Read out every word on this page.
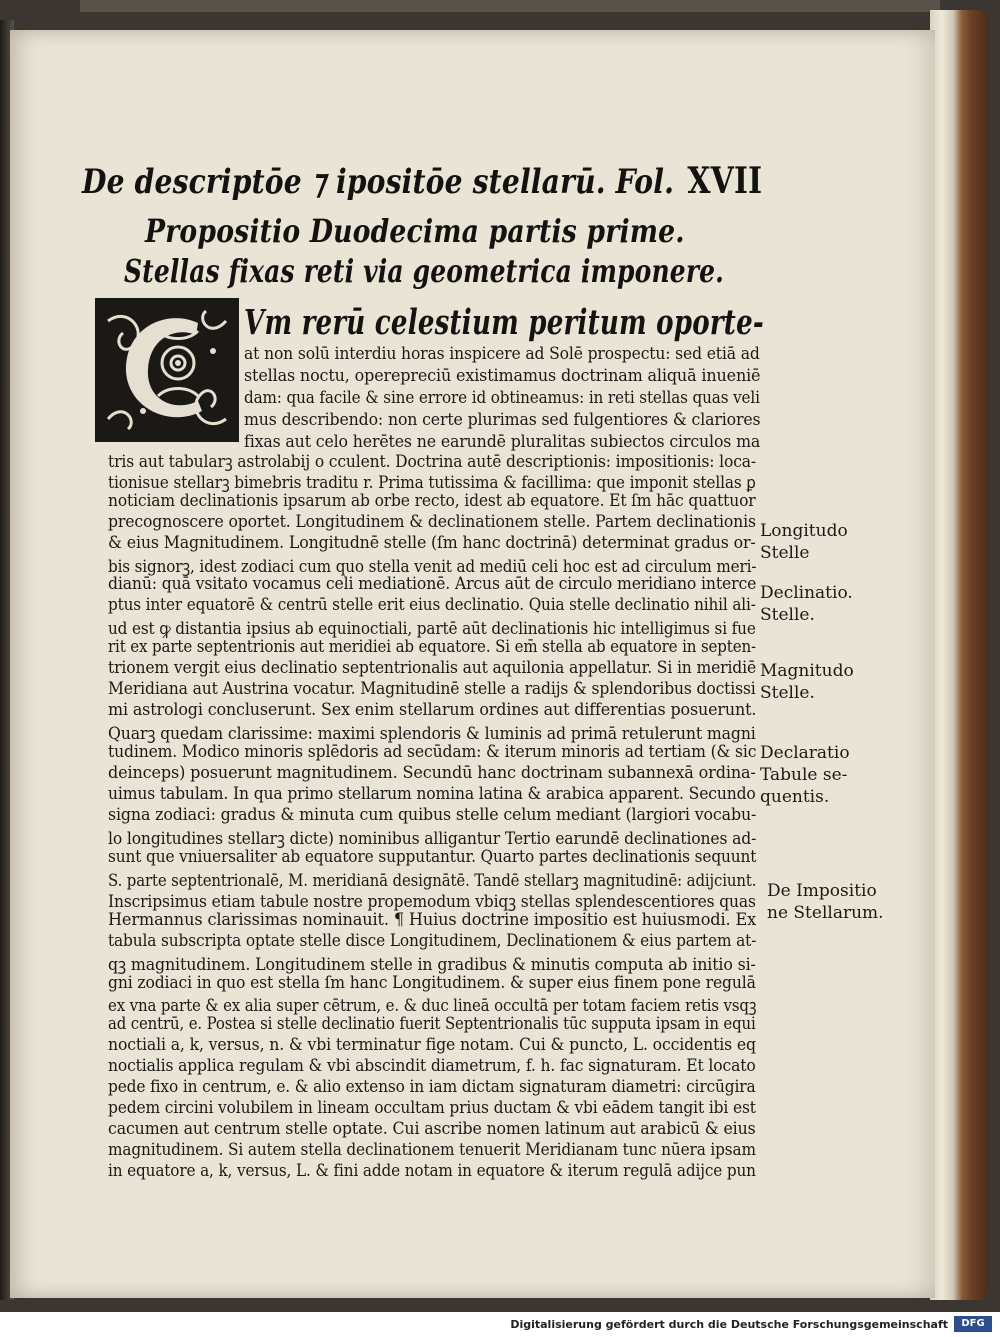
De descriptōe ⁊ ipositōe stellarū. Fol. XVII
Propositio Duodecima partis prime.
Stellas fixas reti via geometrica imponere.
Vm rerū celestium peritum oporte-
at non solū interdiu horas inspicere ad Solē prospectu: sed etiā ad
stellas noctu, operepreciū existimamus doctrinam aliquā inueniē
dam: qua facile & sine errore id obtineamus: in reti stellas quas veli
mus describendo: non certe plurimas sed fulgentiores & clariores
fixas aut celo herētes ne earundē pluralitas subiectos circulos ma
tris aut tabularꝫ astrolabij o cculent. Doctrina autē descriptionis: impositionis: loca-
tionisue stellarꝫ bimebris traditu r. Prima tutissima & facillima: que imponit stellas ꝑ
noticiam declinationis ipsarum ab orbe recto, idest ab equatore. Et ſm hāc quattuor
precognoscere oportet. Longitudinem & declinationem stelle. Partem declinationis
& eius Magnitudinem. Longitudnē stelle (ſm hanc doctrinā) determinat gradus or-
bis signorꝫ, idest zodiaci cum quo stella venit ad mediū celi hoc est ad circulum meri-
dianū: quā vsitato vocamus celi mediationē. Arcus aūt de circulo meridiano interce
ptus inter equatorē & centrū stelle erit eius declinatio. Quia stelle declinatio nihil ali-
ud est ꝙ distantia ipsius ab equinoctiali, partē aūt declinationis hic intelligimus si fue
rit ex parte septentrionis aut meridiei ab equatore. Si em̄ stella ab equatore in septen-
trionem vergit eius declinatio septentrionalis aut aquilonia appellatur. Si in meridiē
Meridiana aut Austrina vocatur. Magnitudinē stelle a radijs & splendoribus doctissi
mi astrologi concluserunt. Sex enim stellarum ordines aut differentias posuerunt.
Quarꝫ quedam clarissime: maximi splendoris & luminis ad primā retulerunt magni
tudinem. Modico minoris splēdoris ad secūdam: & iterum minoris ad tertiam (& sic
deinceps) posuerunt magnitudinem. Secundū hanc doctrinam subannexā ordina-
uimus tabulam. In qua primo stellarum nomina latina & arabica apparent. Secundo
signa zodiaci: gradus & minuta cum quibus stelle celum mediant (largiori vocabu-
lo longitudines stellarꝫ dicte) nominibus alligantur Tertio earundē declinationes ad-
sunt que vniuersaliter ab equatore supputantur. Quarto partes declinationis sequunt
S. parte septentrionalē, M. meridianā designātē. Tandē stellarꝫ magnitudinē: adijciunt.
Inscripsimus etiam tabule nostre propemodum vbiqꝫ stellas splendescentiores quas
Hermannus clarissimas nominauit. ¶ Huius doctrine impositio est huiusmodi. Ex
tabula subscripta optate stelle disce Longitudinem, Declinationem & eius partem at-
qꝫ magnitudinem. Longitudinem stelle in gradibus & minutis computa ab initio si-
gni zodiaci in quo est stella ſm hanc Longitudinem. & super eius finem pone regulā
ex vna parte & ex alia super cētrum, e. & duc lineā occultā per totam faciem retis vsqꝫ
ad centrū, e. Postea si stelle declinatio fuerit Septentrionalis tūc supputa ipsam in equi
noctiali a, k, versus, n. & vbi terminatur fige notam. Cui & puncto, L. occidentis eq
noctialis applica regulam & vbi abscindit diametrum, f. h. fac signaturam. Et locato
pede fixo in centrum, e. & alio extenso in iam dictam signaturam diametri: circūgira
pedem circini volubilem in lineam occultam prius ductam & vbi eādem tangit ibi est
cacumen aut centrum stelle optate. Cui ascribe nomen latinum aut arabicū & eius
magnitudinem. Si autem stella declinationem tenuerit Meridianam tunc nūera ipsam
in equatore a, k, versus, L. & fini adde notam in equatore & iterum regulā adijce pun
Longitudo
Stelle
Declinatio.
Stelle.
Magnitudo
Stelle.
Declaratio
Tabule se-
quentis.
De Impositio
ne Stellarum.
Digitalisierung gefördert durch die Deutsche Forschungsgemeinschaft	DFG
